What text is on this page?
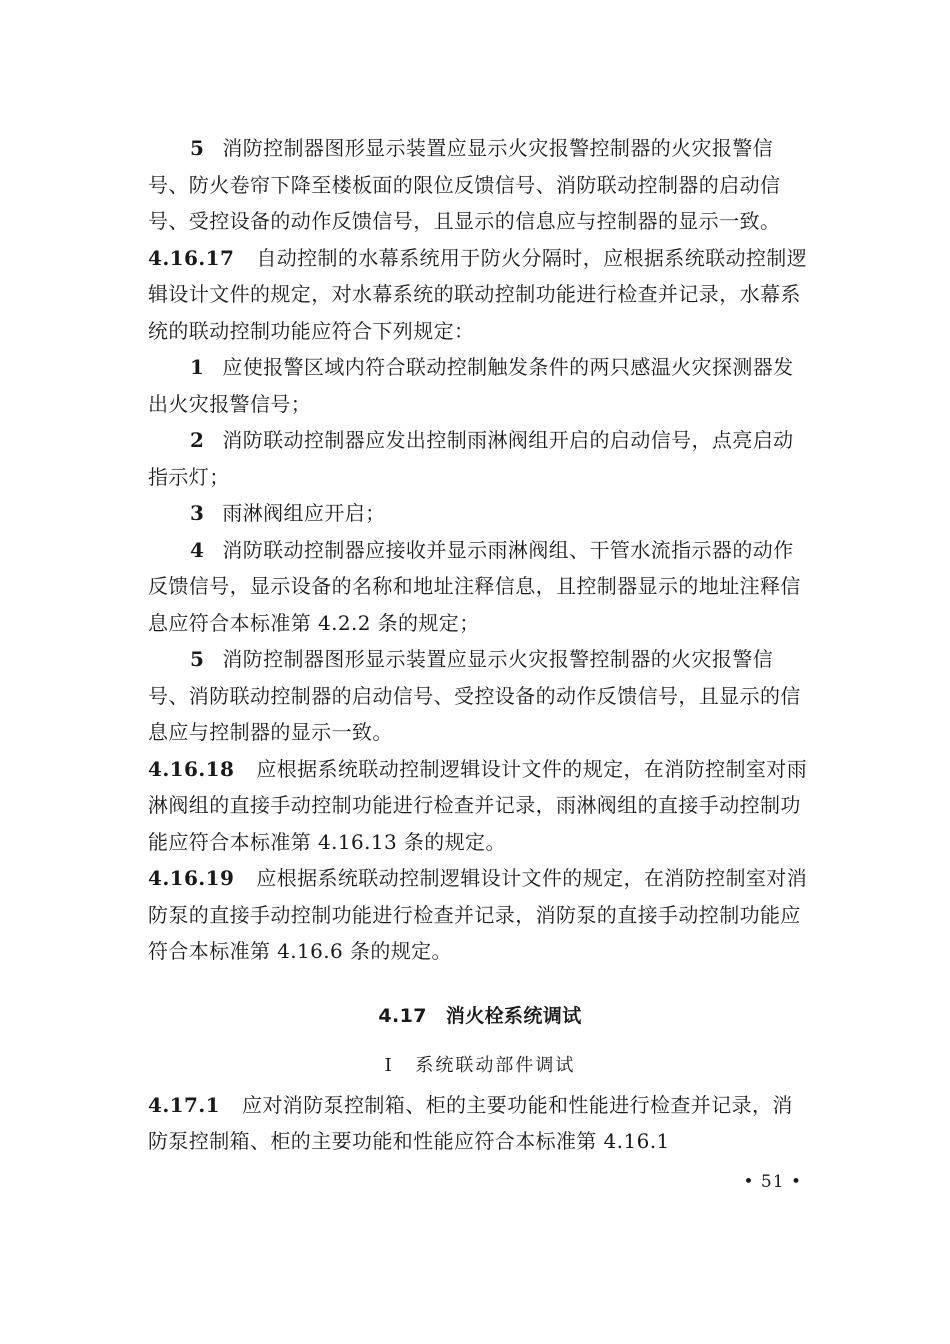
5 消防控制器图形显示装置应显示火灾报警控制器的火灾报警信号、防火卷帘下降至楼板面的限位反馈信号、消防联动控制器的启动信号、受控设备的动作反馈信号，且显示的信息应与控制器的显示一致。

4.16.17 自动控制的水幕系统用于防火分隔时，应根据系统联动控制逻辑设计文件的规定，对水幕系统的联动控制功能进行检查并记录，水幕系统的联动控制功能应符合下列规定：

1 应使报警区域内符合联动控制触发条件的两只感温火灾探测器发出火灾报警信号；

2 消防联动控制器应发出控制雨淋阀组开启的启动信号，点亮启动指示灯；

3 雨淋阀组应开启；

4 消防联动控制器应接收并显示雨淋阀组、干管水流指示器的动作反馈信号，显示设备的名称和地址注释信息，且控制器显示的地址注释信息应符合本标准第 4.2.2 条的规定；

5 消防控制器图形显示装置应显示火灾报警控制器的火灾报警信号、消防联动控制器的启动信号、受控设备的动作反馈信号，且显示的信息应与控制器的显示一致。

4.16.18 应根据系统联动控制逻辑设计文件的规定，在消防控制室对雨淋阀组的直接手动控制功能进行检查并记录，雨淋阀组的直接手动控制功能应符合本标准第 4.16.13 条的规定。

4.16.19 应根据系统联动控制逻辑设计文件的规定，在消防控制室对消防泵的直接手动控制功能进行检查并记录，消防泵的直接手动控制功能应符合本标准第 4.16.6 条的规定。

4.17 消火栓系统调试
Ⅰ 系统联动部件调试

4.17.1 应对消防泵控制箱、柜的主要功能和性能进行检查并记录，消防泵控制箱、柜的主要功能和性能应符合本标准第 4.16.1

• 51 •
